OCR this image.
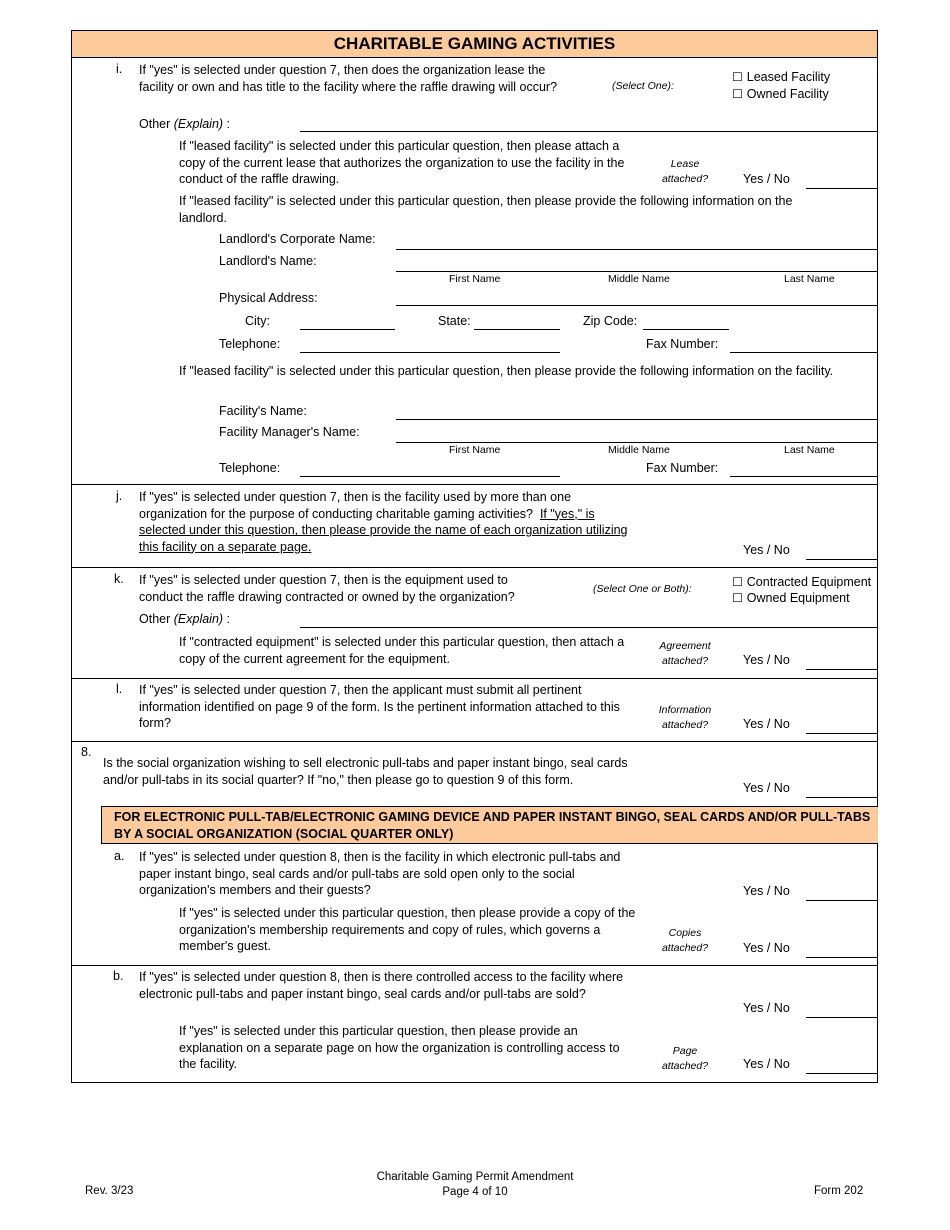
CHARITABLE GAMING ACTIVITIES
i. If "yes" is selected under question 7, then does the organization lease the facility or own and has title to the facility where the raffle drawing will occur?	(Select One):
☐ Leased Facility
☐ Owned Facility
Other (Explain) :
If "leased facility" is selected under this particular question, then please attach a copy of the current lease that authorizes the organization to use the facility in the conduct of the raffle drawing.
Lease attached?	Yes / No
If "leased facility" is selected under this particular question, then please provide the following information on the landlord.
Landlord's Corporate Name:
Landlord's Name:
First Name	Middle Name	Last Name
Physical Address:
City:	State:	Zip Code:
Telephone:	Fax Number:
If "leased facility" is selected under this particular question, then please provide the following information on the facility.
Facility's Name:
Facility Manager's Name:
First Name	Middle Name	Last Name
Telephone:	Fax Number:
j. If "yes" is selected under question 7, then is the facility used by more than one organization for the purpose of conducting charitable gaming activities? If "yes," is selected under this question, then please provide the name of each organization utilizing this facility on a separate page.	Yes / No
k. If "yes" is selected under question 7, then is the equipment used to conduct the raffle drawing contracted or owned by the organization?
(Select One or Both):	☐ Contracted Equipment
☐ Owned Equipment
Other (Explain) :
If "contracted equipment" is selected under this particular question, then attach a copy of the current agreement for the equipment.
Agreement attached?	Yes / No
l. If "yes" is selected under question 7, then the applicant must submit all pertinent information identified on page 9 of the form. Is the pertinent information attached to this form?
Information attached?	Yes / No
8.
Is the social organization wishing to sell electronic pull-tabs and paper instant bingo, seal cards and/or pull-tabs in its social quarter? If "no," then please go to question 9 of this form.
Yes / No
FOR ELECTRONIC PULL-TAB/ELECTRONIC GAMING DEVICE AND PAPER INSTANT BINGO, SEAL CARDS AND/OR PULL-TABS BY A SOCIAL ORGANIZATION (SOCIAL QUARTER ONLY)
a. If "yes" is selected under question 8, then is the facility in which electronic pull-tabs and paper instant bingo, seal cards and/or pull-tabs are sold open only to the social organization's members and their guests?	Yes / No
If "yes" is selected under this particular question, then please provide a copy of the organization's membership requirements and copy of rules, which governs a member's guest.
Copies attached?	Yes / No
b. If "yes" is selected under question 8, then is there controlled access to the facility where electronic pull-tabs and paper instant bingo, seal cards and/or pull-tabs are sold?
Yes / No
If "yes" is selected under this particular question, then please provide an explanation on a separate page on how the organization is controlling access to the facility.
Page attached?	Yes / No
Rev. 3/23
Charitable Gaming Permit Amendment
Page 4 of 10	Form 202
